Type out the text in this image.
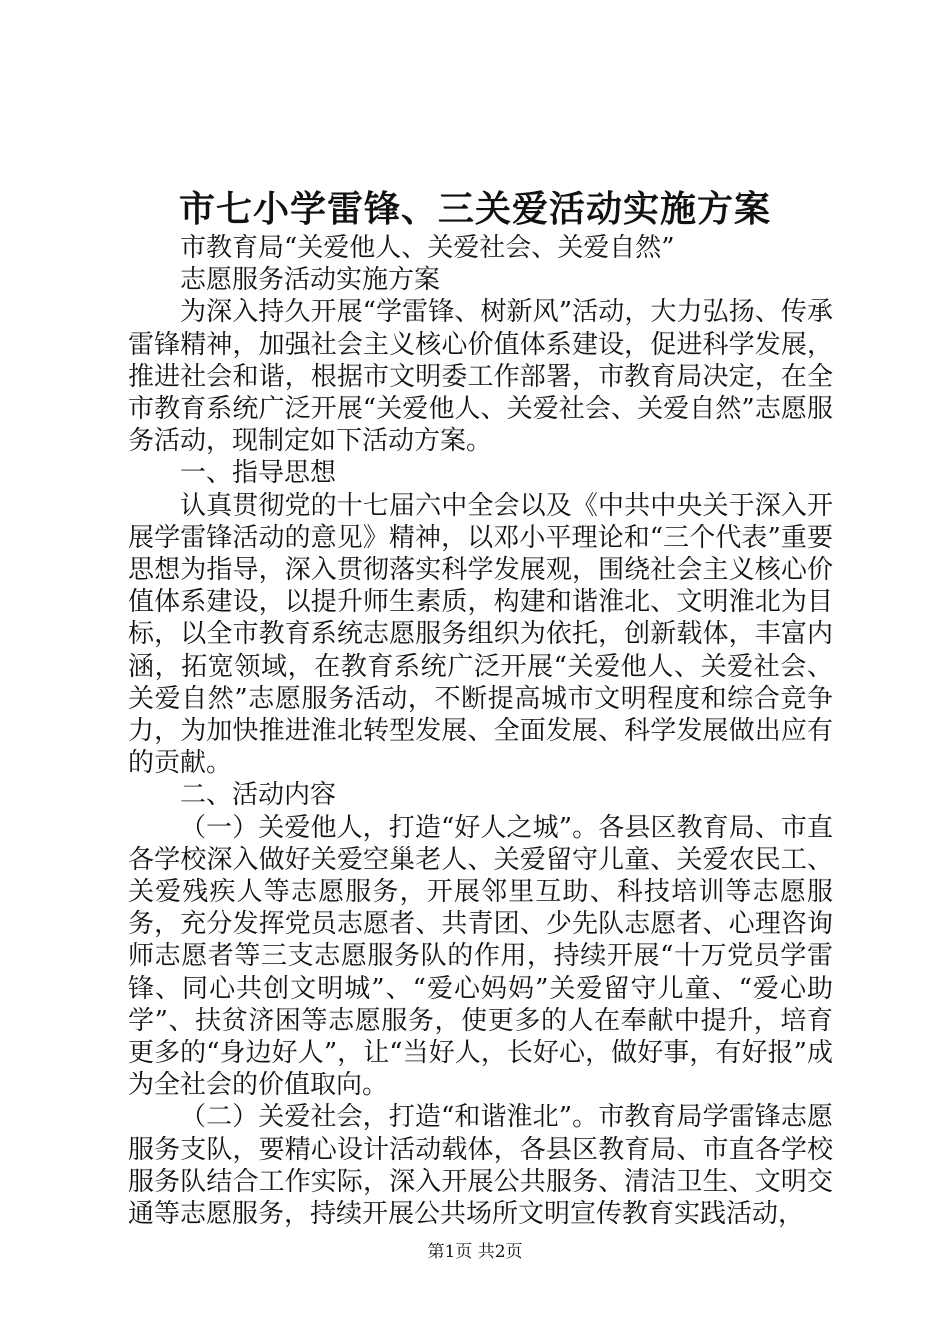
市七小学雷锋、三关爱活动实施方案

市教育局“关爱他人、关爱社会、关爱自然”

志愿服务活动实施方案

为深入持久开展“学雷锋、树新风”活动，大力弘扬、传承雷锋精神，加强社会主义核心价值体系建设，促进科学发展，推进社会和谐，根据市文明委工作部署，市教育局决定，在全市教育系统广泛开展“关爱他人、关爱社会、关爱自然”志愿服务活动，现制定如下活动方案。

一、指导思想

认真贯彻党的十七届六中全会以及《中共中央关于深入开展学雷锋活动的意见》精神，以邓小平理论和“三个代表”重要思想为指导，深入贯彻落实科学发展观，围绕社会主义核心价值体系建设，以提升师生素质，构建和谐淮北、文明淮北为目标，以全市教育系统志愿服务组织为依托，创新载体，丰富内涵，拓宽领域，在教育系统广泛开展“关爱他人、关爱社会、关爱自然”志愿服务活动，不断提高城市文明程度和综合竞争力，为加快推进淮北转型发展、全面发展、科学发展做出应有的贡献。

二、活动内容

（一）关爱他人，打造“好人之城”。各县区教育局、市直各学校深入做好关爱空巢老人、关爱留守儿童、关爱农民工、关爱残疾人等志愿服务，开展邻里互助、科技培训等志愿服务，充分发挥党员志愿者、共青团、少先队志愿者、心理咨询师志愿者等三支志愿服务队的作用，持续开展“十万党员学雷锋、同心共创文明城”、“爱心妈妈”关爱留守儿童、“爱心助学”、扶贫济困等志愿服务，使更多的人在奉献中提升，培育更多的“身边好人”，让“当好人，长好心，做好事，有好报”成为全社会的价值取向。

（二）关爱社会，打造“和谐淮北”。市教育局学雷锋志愿服务支队，要精心设计活动载体，各县区教育局、市直各学校服务队结合工作实际，深入开展公共服务、清洁卫生、文明交通等志愿服务，持续开展公共场所文明宣传教育实践活动，

第1页 共2页
